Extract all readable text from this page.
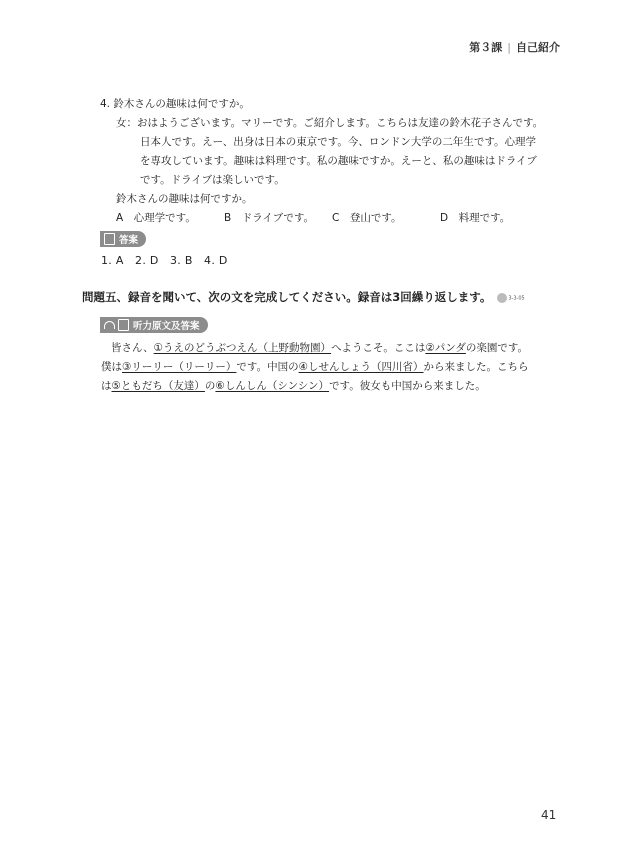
第３課 | 自己紹介
4. 鈴木さんの趣味は何ですか。
女：おはようございます。マリーです。ご紹介します。こちらは友達の鈴木花子さんです。
日本人です。えー、出身は日本の東京です。今、ロンドン大学の二年生です。心理学
を専攻しています。趣味は料理です。私の趣味ですか。えーと、私の趣味はドライブ
です。ドライブは楽しいです。
鈴木さんの趣味は何ですか。
A　心理学です。	B　ドライブです。	C　登山です。	D　料理です。
答案
1. A　2. D　3. B　4. D
問題五、録音を聞いて、次の文を完成してください。録音は3回繰り返します。	3-3-05
听力原文及答案
皆さん、①うえのどうぶつえん（上野動物園）へようこそ。ここは②パンダの楽園です。
僕は③リーリー（リーリー）です。中国の④しせんしょう（四川省）から来ました。こちら
は⑤ともだち（友達）の⑥しんしん（シンシン）です。彼女も中国から来ました。
41
